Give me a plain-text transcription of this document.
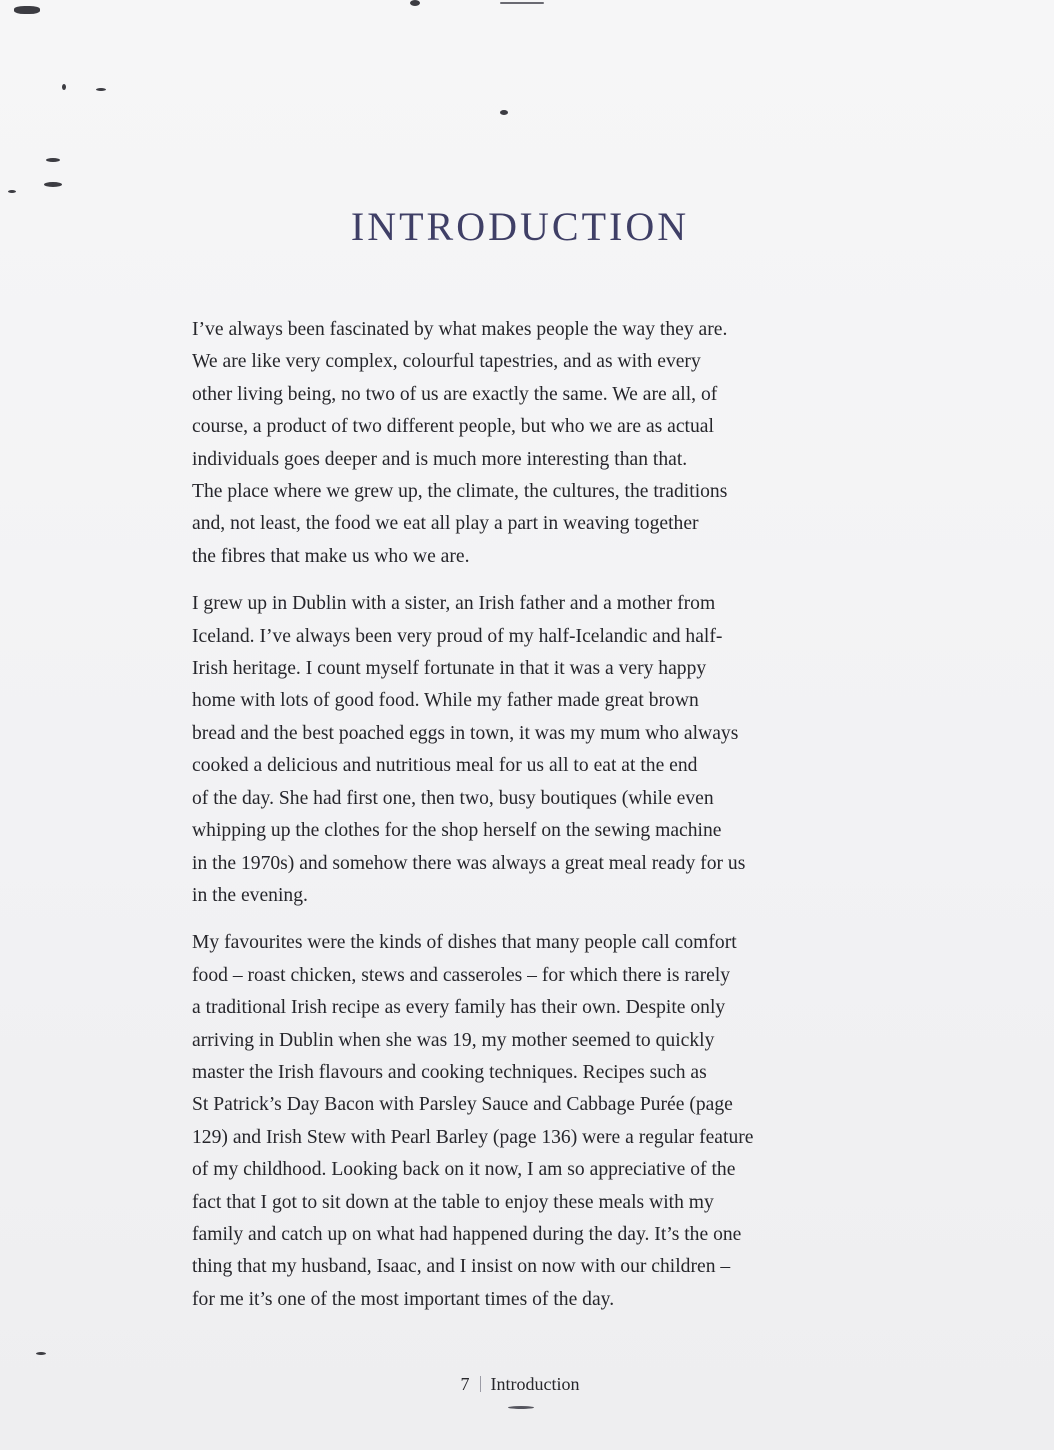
INTRODUCTION

I’ve always been fascinated by what makes people the way they are.
We are like very complex, colourful tapestries, and as with every
other living being, no two of us are exactly the same. We are all, of
course, a product of two different people, but who we are as actual
individuals goes deeper and is much more interesting than that.
The place where we grew up, the climate, the cultures, the traditions
and, not least, the food we eat all play a part in weaving together
the fibres that make us who we are.

I grew up in Dublin with a sister, an Irish father and a mother from
Iceland. I’ve always been very proud of my half-Icelandic and half-
Irish heritage. I count myself fortunate in that it was a very happy
home with lots of good food. While my father made great brown
bread and the best poached eggs in town, it was my mum who always
cooked a delicious and nutritious meal for us all to eat at the end
of the day. She had first one, then two, busy boutiques (while even
whipping up the clothes for the shop herself on the sewing machine
in the 1970s) and somehow there was always a great meal ready for us
in the evening.

My favourites were the kinds of dishes that many people call comfort
food – roast chicken, stews and casseroles – for which there is rarely
a traditional Irish recipe as every family has their own. Despite only
arriving in Dublin when she was 19, my mother seemed to quickly
master the Irish flavours and cooking techniques. Recipes such as
St Patrick’s Day Bacon with Parsley Sauce and Cabbage Purée (page
129) and Irish Stew with Pearl Barley (page 136) were a regular feature
of my childhood. Looking back on it now, I am so appreciative of the
fact that I got to sit down at the table to enjoy these meals with my
family and catch up on what had happened during the day. It’s the one
thing that my husband, Isaac, and I insist on now with our children –
for me it’s one of the most important times of the day.

7 Introduction
